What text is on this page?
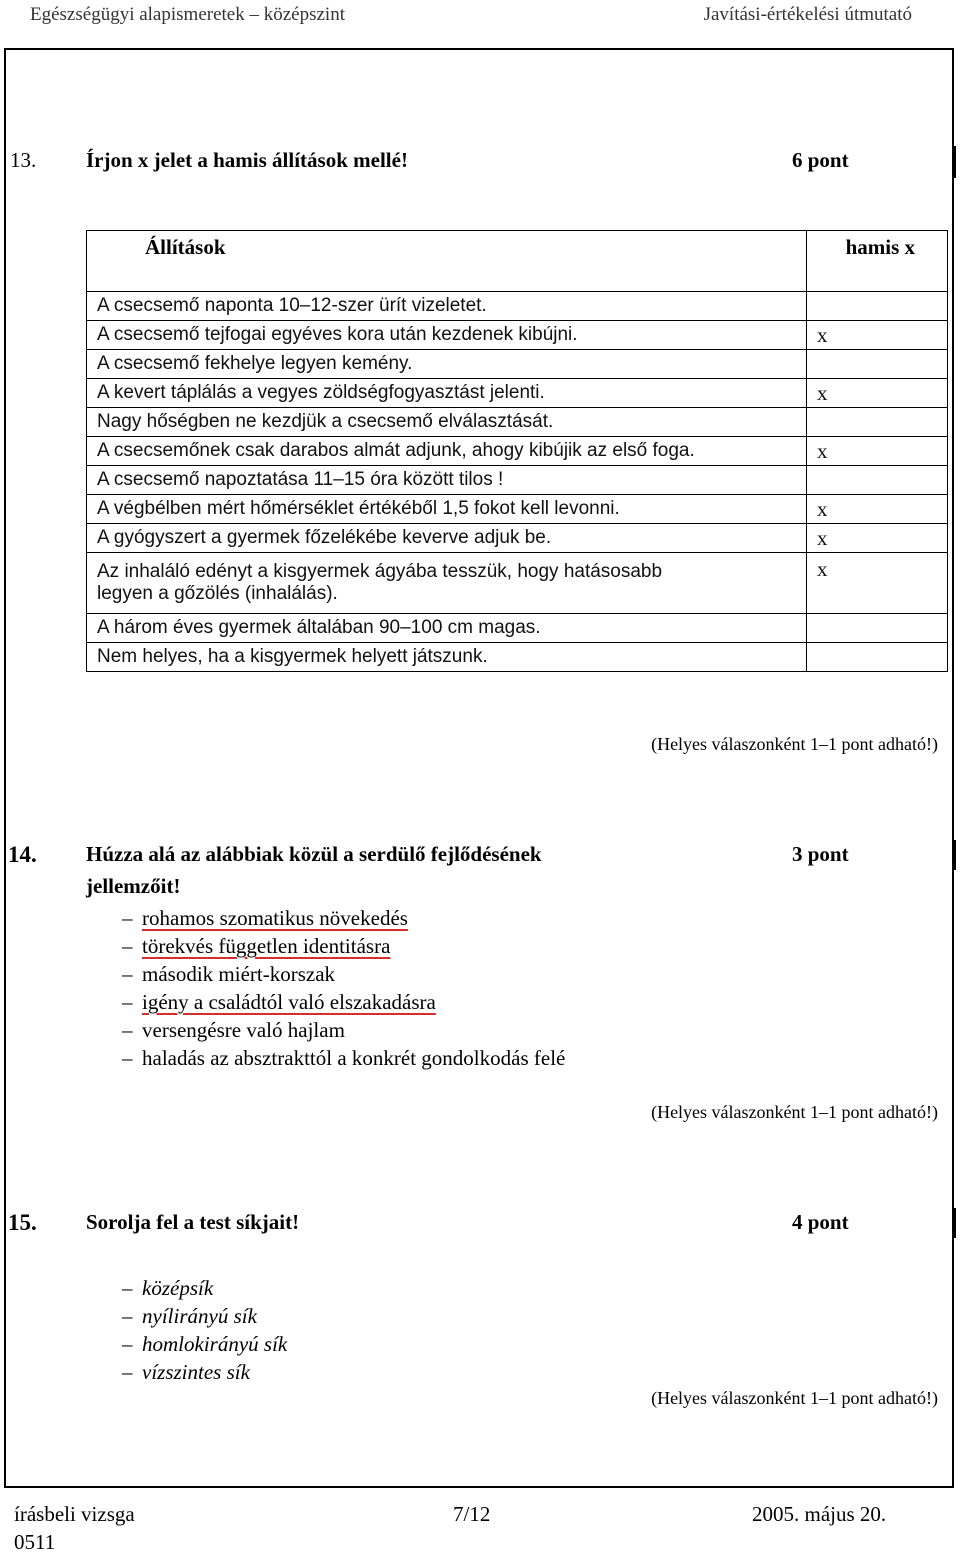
Egészségügyi alapismeretek – középszint	Javítási-értékelési útmutató
13. Írjon x jelet a hamis állítások mellé!	6 pont
Állítások	hamis x
A csecsemő naponta 10–12-szer ürít vizeletet.	
A csecsemő tejfogai egyéves kora után kezdenek kibújni.	x
A csecsemő fekhelye legyen kemény.	
A kevert táplálás a vegyes zöldségfogyasztást jelenti.	x
Nagy hőségben ne kezdjük a csecsemő elválasztását.	
A csecsemőnek csak darabos almát adjunk, ahogy kibújik az első foga.	x
A csecsemő napoztatása 11–15 óra között tilos !	
A végbélben mért hőmérséklet értékéből 1,5 fokot kell levonni.	x
A gyógyszert a gyermek főzelékébe keverve adjuk be.	x

Az inhaláló edényt a kisgyermek ágyába tesszük, hogy hatásosabb
legyen a gőzölés (inhalálás).	x
A három éves gyermek általában 90–100 cm magas.	
Nem helyes, ha a kisgyermek helyett játszunk.	
(Helyes válaszonként 1–1 pont adható!)
14. Húzza alá az alábbiak közül a serdülő fejlődésének
jellemzőit!
3 pont
– rohamos szomatikus növekedés
– törekvés független identitásra
– második miért-korszak
– igény a családtól való elszakadásra
– versengésre való hajlam
– haladás az absztrakttól a konkrét gondolkodás felé
(Helyes válaszonként 1–1 pont adható!)
15. Sorolja fel a test síkjait!	4 pont
– középsík
– nyílirányú sík
– homlokirányú sík
– vízszintes sík
(Helyes válaszonként 1–1 pont adható!)
írásbeli vizsga
0511
7/12	2005. május 20.
